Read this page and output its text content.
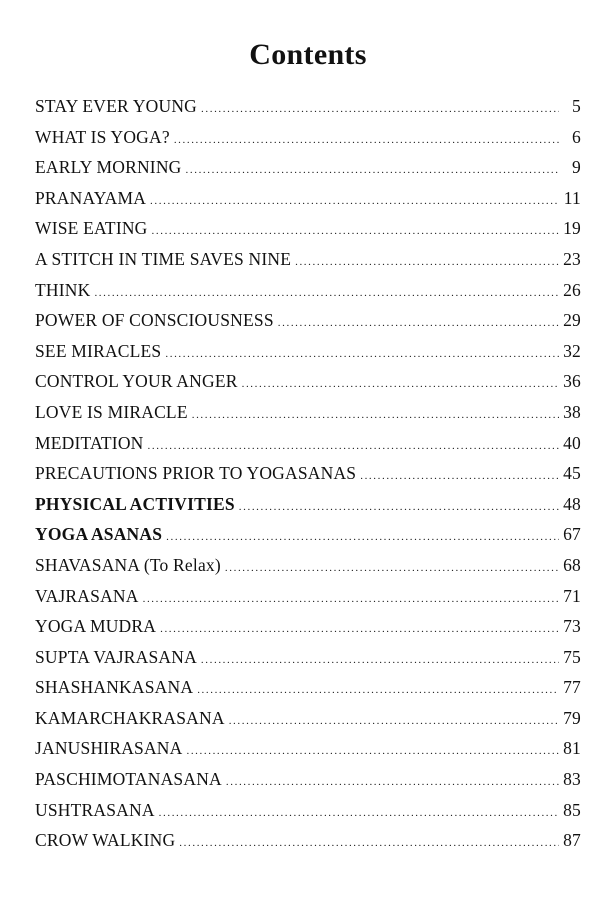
Contents
STAY EVER YOUNG .....	5
WHAT IS YOGA? .....	6
EARLY MORNING .....	9
PRANAYAMA .....	11
WISE EATING .....	19
A STITCH IN TIME SAVES NINE .....	23
THINK .....	26
POWER OF CONSCIOUSNESS .....	29
SEE MIRACLES .....	32
CONTROL YOUR ANGER .....	36
LOVE IS MIRACLE .....	38
MEDITATION .....	40
PRECAUTIONS PRIOR TO YOGASANAS .....	45
PHYSICAL ACTIVITIES .....	48
YOGA ASANAS .....	67
SHAVASANA (To Relax) .....	68
VAJRASANA .....	71
YOGA MUDRA .....	73
SUPTA VAJRASANA .....	75
SHASHANKASANA .....	77
KAMARCHAKRASANA .....	79
JANUSHIRASANA .....	81
PASCHIMOTANASANA .....	83
USHTRASANA .....	85
CROW WALKING .....	87
